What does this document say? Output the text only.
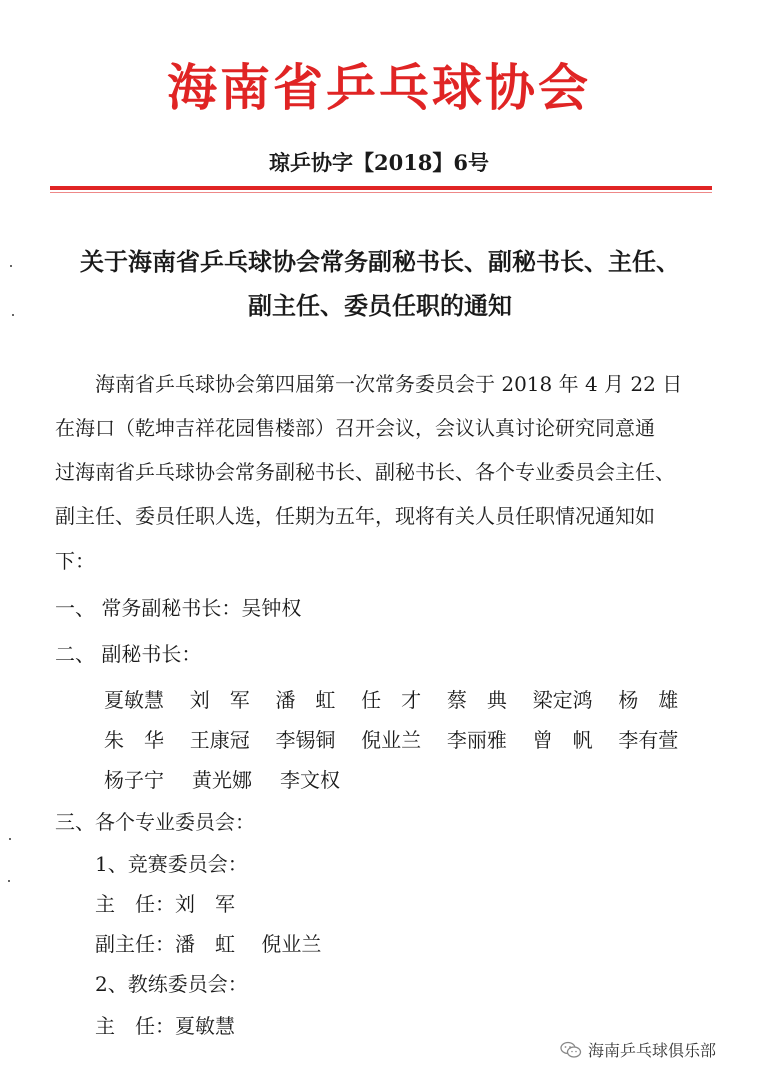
海南省乒乓球协会
琼乒协字【2018】6号
关于海南省乒乓球协会常务副秘书长、副秘书长、主任、
副主任、委员任职的通知
海南省乒乓球协会第四届第一次常务委员会于 2018 年 4 月 22 日
在海口（乾坤吉祥花园售楼部）召开会议，会议认真讨论研究同意通
过海南省乒乓球协会常务副秘书长、副秘书长、各个专业委员会主任、
副主任、委员任职人选，任期为五年，现将有关人员任职情况通知如
下：
一、 常务副秘书长：吴钟权
二、 副秘书长：
夏敏慧	刘　军	潘　虹	任　才	蔡　典	梁定鸿	杨　雄
朱　华	王康冠	李锡铜	倪业兰	李丽雅	曾　帆	李有萱
杨子宁	黄光娜	李文权
三、各个专业委员会：
1、竞赛委员会：
主　任：刘　军
副主任：潘　虹　 倪业兰
2、教练委员会：
主　任：夏敏慧
海南乒乓球俱乐部
